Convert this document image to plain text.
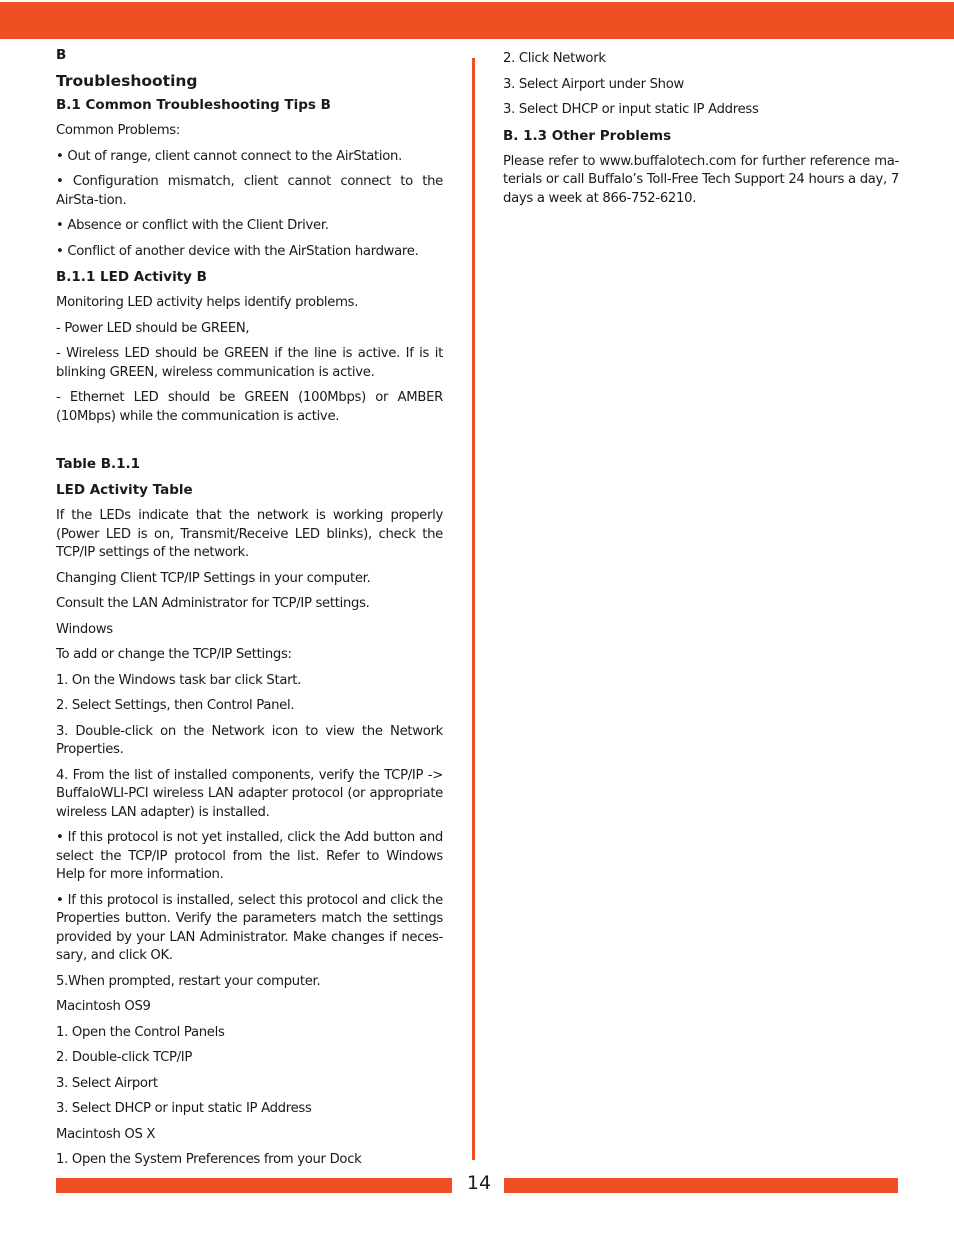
B

Troubleshooting

B.1 Common Troubleshooting Tips B

Common Problems:

• Out of range, client cannot connect to the AirStation.

• Configuration mismatch, client cannot connect to the AirSta-tion.

• Absence or conflict with the Client Driver.

• Conflict of another device with the AirStation hardware.

B.1.1 LED Activity B

Monitoring LED activity helps identify problems.

- Power LED should be GREEN,

- Wireless LED should be GREEN if the line is active. If is it blinking GREEN, wireless communication is active.

- Ethernet LED should be GREEN (100Mbps) or AMBER (10Mbps) while the communication is active.

Table B.1.1

LED Activity Table

If the LEDs indicate that the network is working properly (Power LED is on, Transmit/Receive LED blinks), check the TCP/IP settings of the network.

Changing Client TCP/IP Settings in your computer.

Consult the LAN Administrator for TCP/IP settings.

Windows

To add or change the TCP/IP Settings:

1. On the Windows task bar click Start.

2. Select Settings, then Control Panel.

3. Double-click on the Network icon to view the Network Properties.

4. From the list of installed components, verify the TCP/IP -> BuffaloWLI-PCI wireless LAN adapter protocol (or appropriate wireless LAN adapter) is installed.

• If this protocol is not yet installed, click the Add button and select the TCP/IP protocol from the list. Refer to Windows Help for more information.

• If this protocol is installed, select this protocol and click the Properties button. Verify the parameters match the settings provided by your LAN Administrator. Make changes if neces-sary, and click OK.

5.When prompted, restart your computer.

Macintosh OS9

1. Open the Control Panels

2. Double-click TCP/IP

3. Select Airport

3. Select DHCP or input static IP Address

Macintosh OS X

1. Open the System Preferences from your Dock

2. Click Network

3. Select Airport under Show

3. Select DHCP or input static IP Address

B. 1.3 Other Problems

Please refer to www.buffalotech.com for further reference ma-terials or call Buffalo’s Toll-Free Tech Support 24 hours a day, 7 days a week at 866-752-6210.

14
